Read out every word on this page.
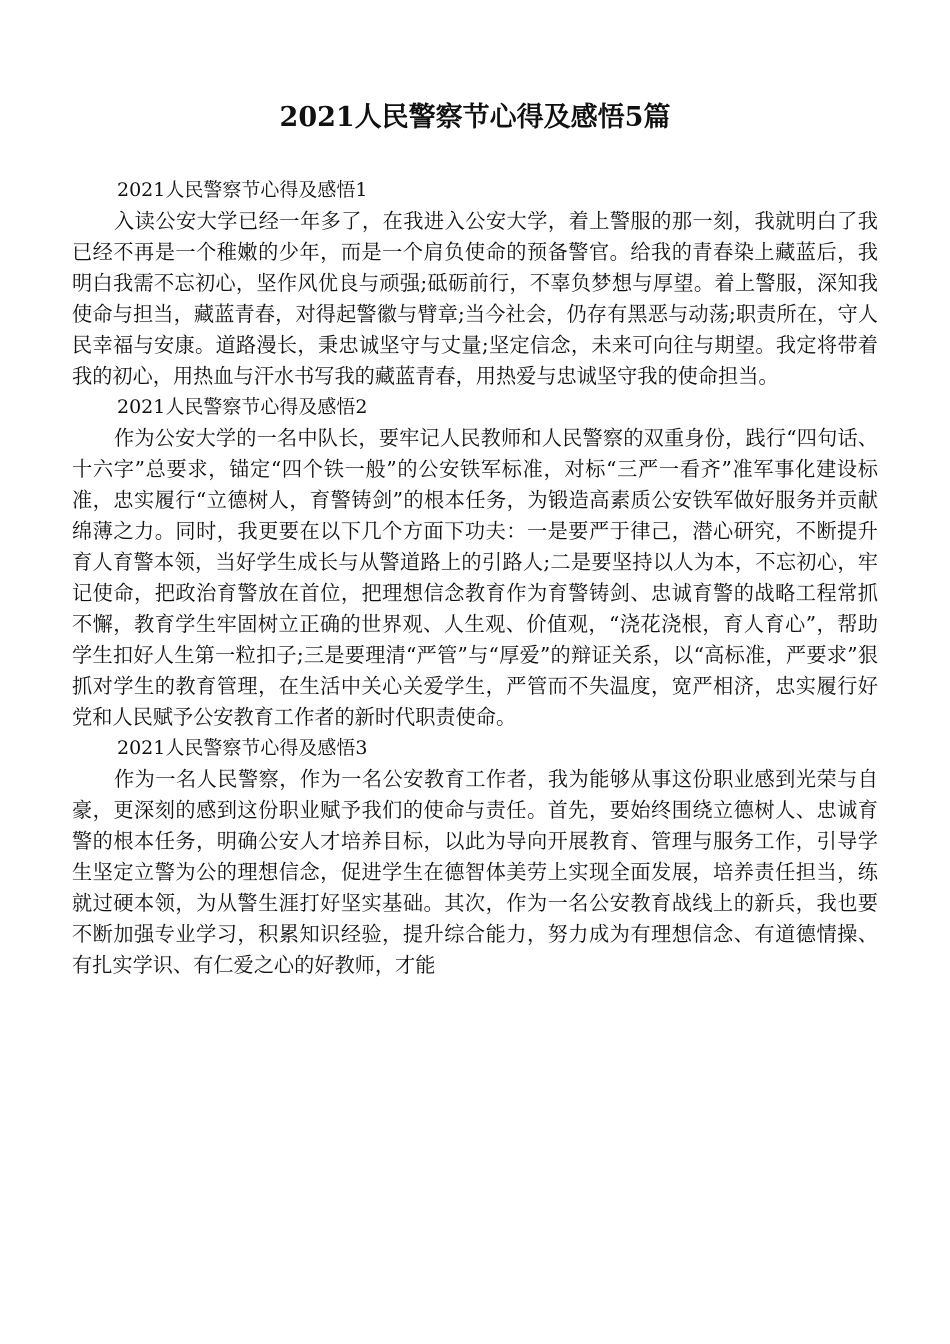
2021人民警察节心得及感悟5篇

2021人民警察节心得及感悟1

入读公安大学已经一年多了，在我进入公安大学，着上警服的那一刻，我就明白了我已经不再是一个稚嫩的少年，而是一个肩负使命的预备警官。给我的青春染上藏蓝后，我明白我需不忘初心，坚作风优良与顽强;砥砺前行，不辜负梦想与厚望。着上警服，深知我使命与担当，藏蓝青春，对得起警徽与臂章;当今社会，仍存有黑恶与动荡;职责所在，守人民幸福与安康。道路漫长，秉忠诚坚守与丈量;坚定信念，未来可向往与期望。我定将带着我的初心，用热血与汗水书写我的藏蓝青春，用热爱与忠诚坚守我的使命担当。

2021人民警察节心得及感悟2

作为公安大学的一名中队长，要牢记人民教师和人民警察的双重身份，践行“四句话、十六字”总要求，锚定“四个铁一般”的公安铁军标准，对标“三严一看齐”准军事化建设标准，忠实履行“立德树人，育警铸剑”的根本任务，为锻造高素质公安铁军做好服务并贡献绵薄之力。同时，我更要在以下几个方面下功夫：一是要严于律己，潜心研究，不断提升育人育警本领，当好学生成长与从警道路上的引路人;二是要坚持以人为本，不忘初心，牢记使命，把政治育警放在首位，把理想信念教育作为育警铸剑、忠诚育警的战略工程常抓不懈，教育学生牢固树立正确的世界观、人生观、价值观，“浇花浇根，育人育心”，帮助学生扣好人生第一粒扣子;三是要理清“严管”与“厚爱”的辩证关系，以“高标准，严要求”狠抓对学生的教育管理，在生活中关心关爱学生，严管而不失温度，宽严相济，忠实履行好党和人民赋予公安教育工作者的新时代职责使命。

2021人民警察节心得及感悟3

作为一名人民警察，作为一名公安教育工作者，我为能够从事这份职业感到光荣与自豪，更深刻的感到这份职业赋予我们的使命与责任。首先，要始终围绕立德树人、忠诚育警的根本任务，明确公安人才培养目标，以此为导向开展教育、管理与服务工作，引导学生坚定立警为公的理想信念，促进学生在德智体美劳上实现全面发展，培养责任担当，练就过硬本领，为从警生涯打好坚实基础。其次，作为一名公安教育战线上的新兵，我也要不断加强专业学习，积累知识经验，提升综合能力，努力成为有理想信念、有道德情操、有扎实学识、有仁爱之心的好教师，才能
